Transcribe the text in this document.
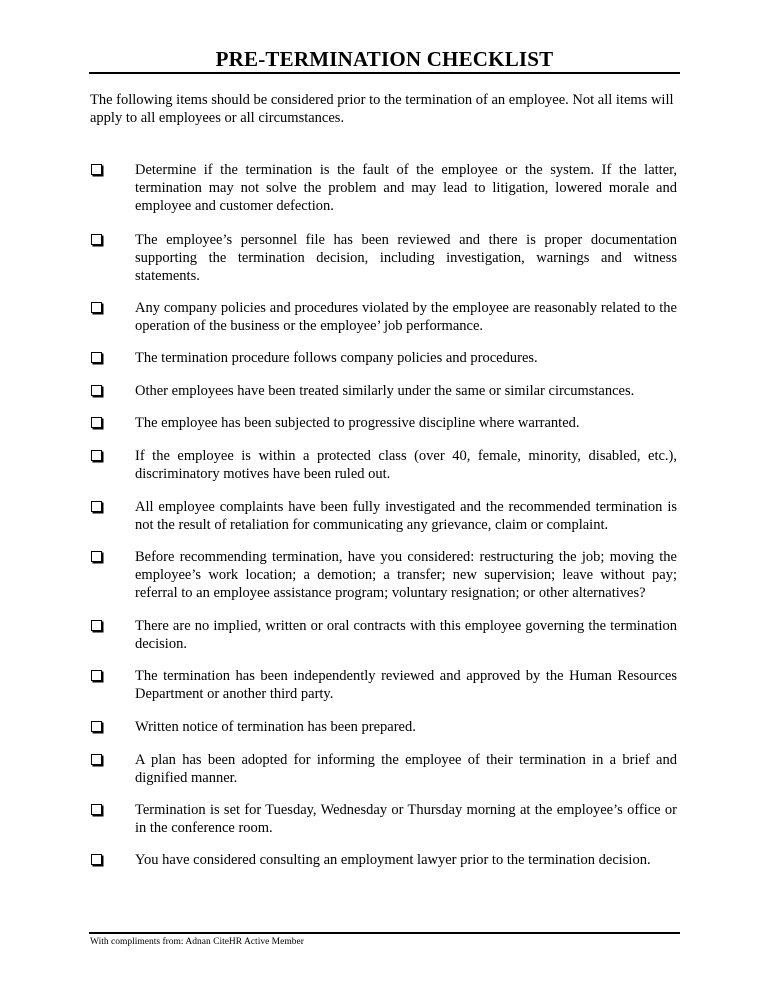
PRE-TERMINATION CHECKLIST
The following items should be considered prior to the termination of an employee. Not all items will apply to all employees or all circumstances.
Determine if the termination is the fault of the employee or the system. If the latter, termination may not solve the problem and may lead to litigation, lowered morale and employee and customer defection.
The employee’s personnel file has been reviewed and there is proper documentation supporting the termination decision, including investigation, warnings and witness statements.
Any company policies and procedures violated by the employee are reasonably related to the operation of the business or the employee’ job performance.
The termination procedure follows company policies and procedures.
Other employees have been treated similarly under the same or similar circumstances.
The employee has been subjected to progressive discipline where warranted.
If the employee is within a protected class (over 40, female, minority, disabled, etc.), discriminatory motives have been ruled out.
All employee complaints have been fully investigated and the recommended termination is not the result of retaliation for communicating any grievance, claim or complaint.
Before recommending termination, have you considered: restructuring the job; moving the employee’s work location; a demotion; a transfer; new supervision; leave without pay; referral to an employee assistance program; voluntary resignation; or other alternatives?
There are no implied, written or oral contracts with this employee governing the termination decision.
The termination has been independently reviewed and approved by the Human Resources Department or another third party.
Written notice of termination has been prepared.
A plan has been adopted for informing the employee of their termination in a brief and dignified manner.
Termination is set for Tuesday, Wednesday or Thursday morning at the employee’s office or in the conference room.
You have considered consulting an employment lawyer prior to the termination decision.
With compliments from: Adnan CiteHR Active Member
